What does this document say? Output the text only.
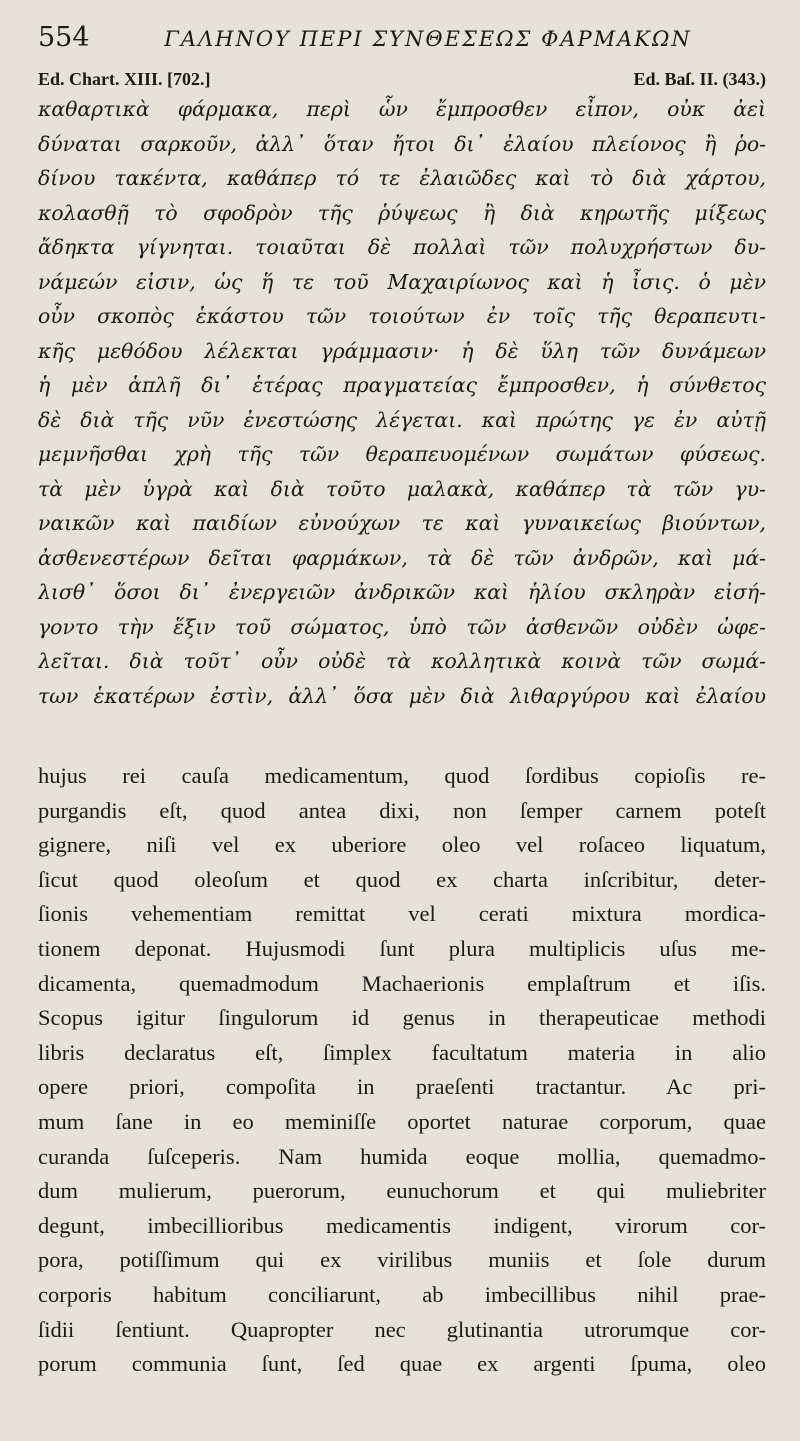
554	ΓΑΛΗΝΟΥ ΠΕΡΙ ΣΥΝΘΕΣΕΩΣ ΦΑΡΜΑΚΩΝ
Ed. Chart. XIII. [702.]	Ed. Baſ. II. (343.)
καθαρτικὰ φάρμακα, περὶ ὧν ἔμπροσθεν εἶπον, οὐκ ἀεὶ
δύναται σαρκοῦν, ἀλλ᾽ ὅταν ἤτοι δι᾽ ἐλαίου πλείονος ἢ ῥο-
δίνου τακέντα, καθάπερ τό τε ἐλαιῶδες καὶ τὸ διὰ χάρτου,
κολασθῇ τὸ σφοδρὸν τῆς ῥύψεως ἢ διὰ κηρωτῆς μίξεως
ἄδηκτα γίγνηται. τοιαῦται δὲ πολλαὶ τῶν πολυχρήστων δυ-
νάμεών εἰσιν, ὡς ἥ τε τοῦ Μαχαιρίωνος καὶ ἡ ἶσις. ὁ μὲν
οὖν σκοπὸς ἑκάστου τῶν τοιούτων ἐν τοῖς τῆς θεραπευτι-
κῆς μεθόδου λέλεκται γράμμασιν· ἡ δὲ ὕλη τῶν δυνάμεων
ἡ μὲν ἁπλῆ δι᾽ ἑτέρας πραγματείας ἔμπροσθεν, ἡ σύνθετος
δὲ διὰ τῆς νῦν ἐνεστώσης λέγεται. καὶ πρώτης γε ἐν αὐτῇ
μεμνῆσθαι χρὴ τῆς τῶν θεραπευομένων σωμάτων φύσεως.
τὰ μὲν ὑγρὰ καὶ διὰ τοῦτο μαλακὰ, καθάπερ τὰ τῶν γυ-
ναικῶν καὶ παιδίων εὐνούχων τε καὶ γυναικείως βιούντων,
ἀσθενεστέρων δεῖται φαρμάκων, τὰ δὲ τῶν ἀνδρῶν, καὶ μά-
λισθ᾽ ὅσοι δι᾽ ἐνεργειῶν ἀνδρικῶν καὶ ἡλίου σκληρὰν εἰσή-
γοντο τὴν ἕξιν τοῦ σώματος, ὑπὸ τῶν ἀσθενῶν οὐδὲν ὠφε-
λεῖται. διὰ τοῦτ᾽ οὖν οὐδὲ τὰ κολλητικὰ κοινὰ τῶν σωμά-
των ἑκατέρων ἐστὶν, ἀλλ᾽ ὅσα μὲν διὰ λιθαργύρου καὶ ἐλαίου
hujus rei cauſa medicamentum, quod ſordibus copioſis re-
purgandis eſt, quod antea dixi, non ſemper carnem poteſt
gignere, niſi vel ex uberiore oleo vel roſaceo liquatum,
ſicut quod oleoſum et quod ex charta inſcribitur, deter-
ſionis vehementiam remittat vel cerati mixtura mordica-
tionem deponat. Hujusmodi ſunt plura multiplicis uſus me-
dicamenta, quemadmodum Machaerionis emplaſtrum et iſis.
Scopus igitur ſingulorum id genus in therapeuticae methodi
libris declaratus eſt, ſimplex facultatum materia in alio
opere priori, compoſita in praeſenti tractantur. Ac pri-
mum ſane in eo meminiſſe oportet naturae corporum, quae
curanda ſuſceperis. Nam humida eoque mollia, quemadmo-
dum mulierum, puerorum, eunuchorum et qui muliebriter
degunt, imbecillioribus medicamentis indigent, virorum cor-
pora, potiſſimum qui ex virilibus muniis et ſole durum
corporis habitum conciliarunt, ab imbecillibus nihil prae-
ſidii ſentiunt. Quapropter nec glutinantia utrorumque cor-
porum communia ſunt, ſed quae ex argenti ſpuma, oleo
